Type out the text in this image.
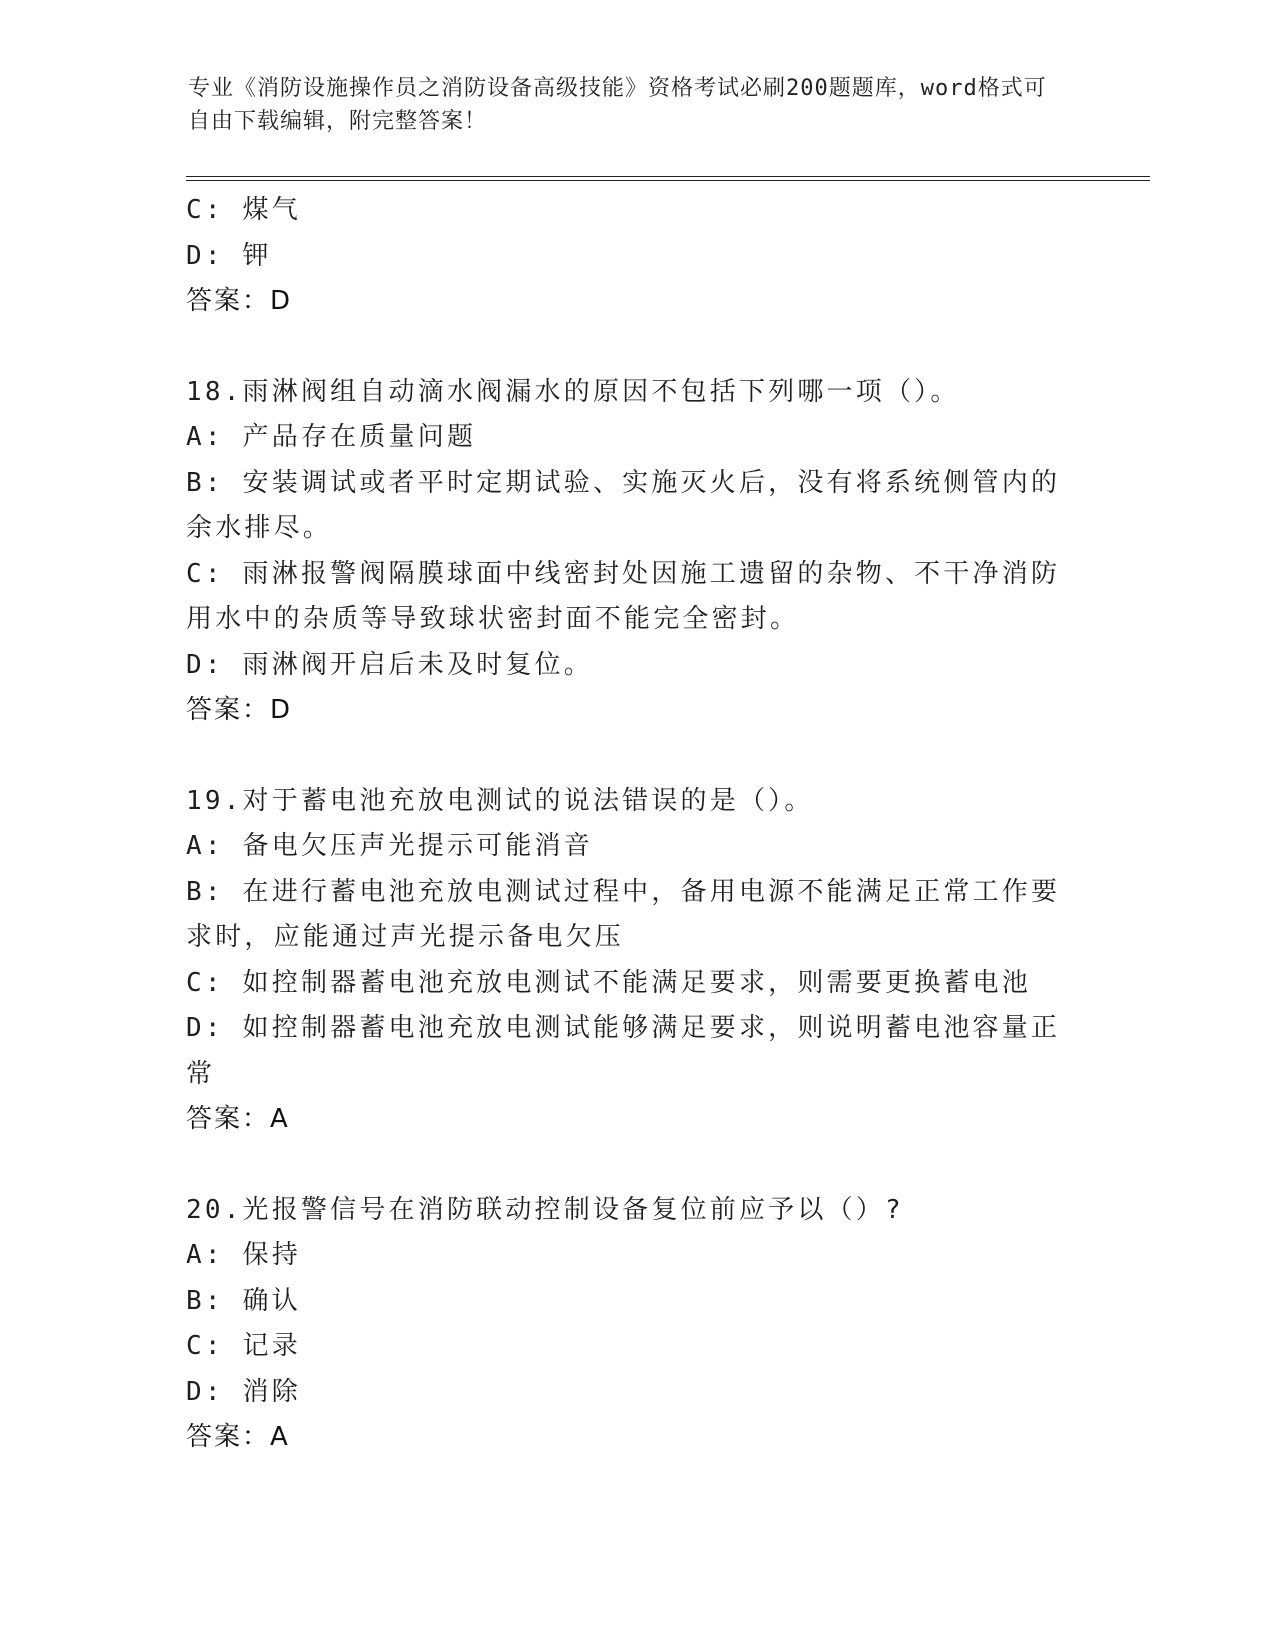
专业《消防设施操作员之消防设备高级技能》资格考试必刷200题题库，word格式可自由下载编辑，附完整答案！
C: 煤气
D: 钾
答案：D
18.雨淋阀组自动滴水阀漏水的原因不包括下列哪一项（）。
A: 产品存在质量问题
B: 安装调试或者平时定期试验、实施灭火后，没有将系统侧管内的余水排尽。
C: 雨淋报警阀隔膜球面中线密封处因施工遗留的杂物、不干净消防用水中的杂质等导致球状密封面不能完全密封。
D: 雨淋阀开启后未及时复位。
答案：D
19.对于蓄电池充放电测试的说法错误的是（）。
A: 备电欠压声光提示可能消音
B: 在进行蓄电池充放电测试过程中，备用电源不能满足正常工作要求时，应能通过声光提示备电欠压
C: 如控制器蓄电池充放电测试不能满足要求，则需要更换蓄电池
D: 如控制器蓄电池充放电测试能够满足要求，则说明蓄电池容量正常
答案：A
20.光报警信号在消防联动控制设备复位前应予以（）?
A: 保持
B: 确认
C: 记录
D: 消除
答案：A
